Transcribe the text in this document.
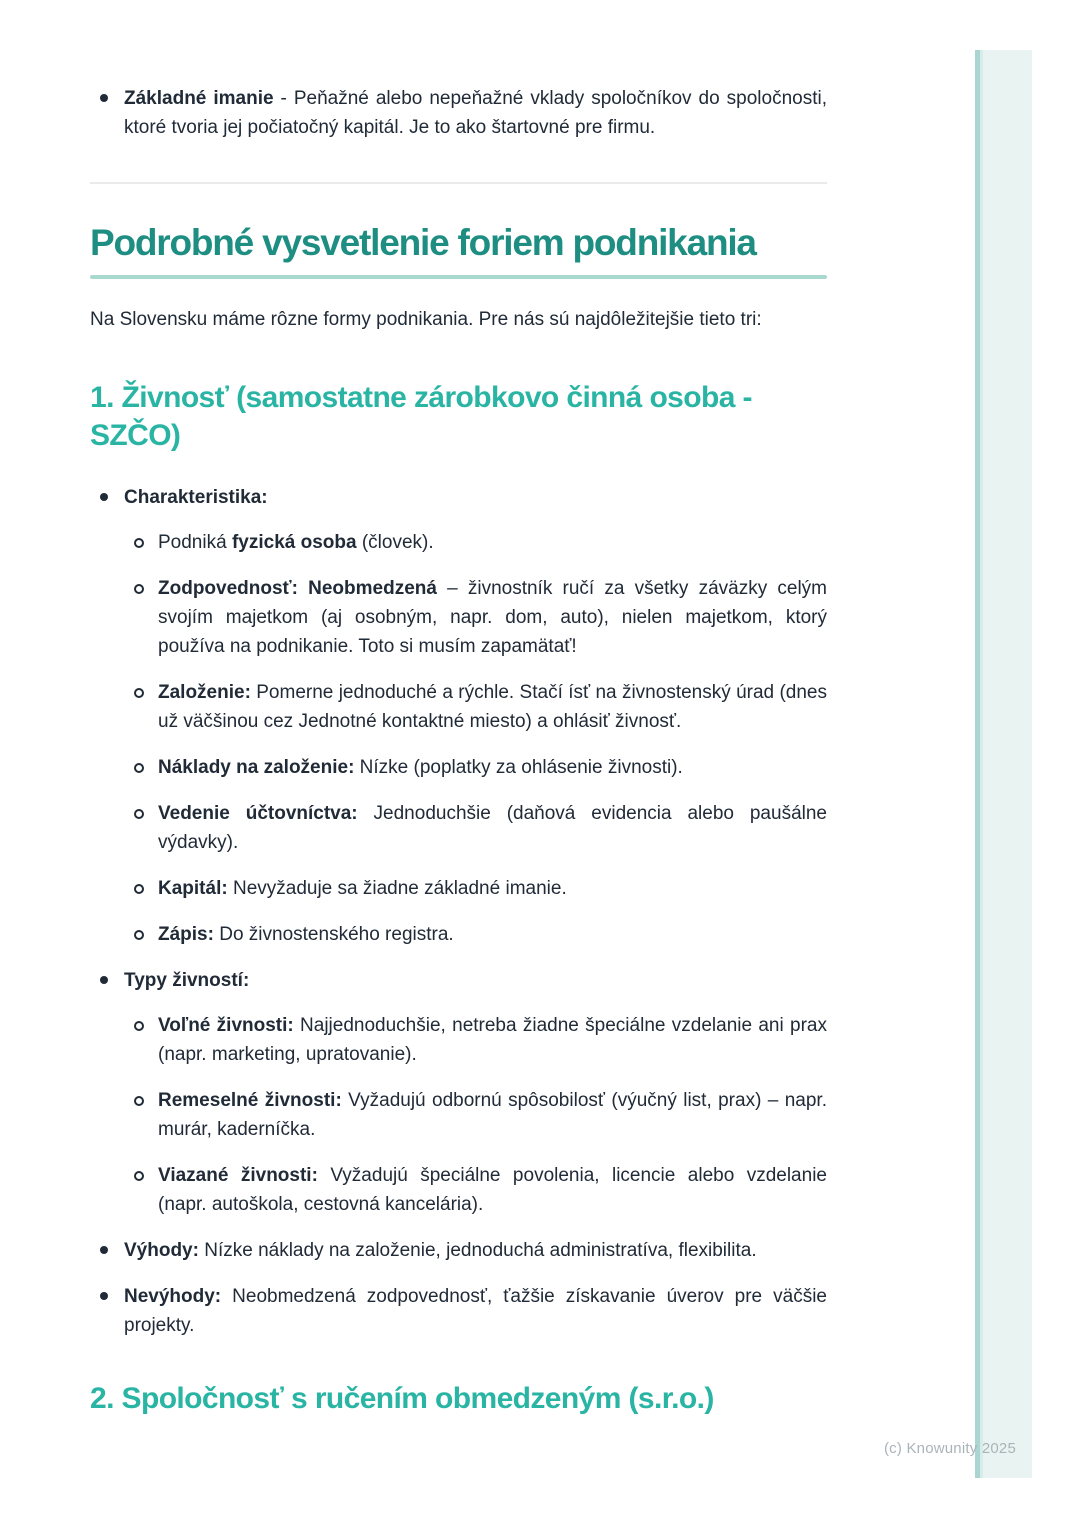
(c) Knowunity 2025
Základné imanie - Peňažné alebo nepeňažné vklady spoločníkov do spoločnosti, ktoré tvoria jej počiatočný kapitál. Je to ako štartovné pre firmu.
Podrobné vysvetlenie foriem podnikania

Na Slovensku máme rôzne formy podnikania. Pre nás sú najdôležitejšie tieto tri:

1. Živnosť (samostatne zárobkovo činná osoba - SZČO)
Charakteristika:
Podniká fyzická osoba (človek).
Zodpovednosť: Neobmedzená – živnostník ručí za všetky záväzky celým svojím majetkom (aj osobným, napr. dom, auto), nielen majetkom, ktorý používa na podnikanie. Toto si musím zapamätať!
Založenie: Pomerne jednoduché a rýchle. Stačí ísť na živnostenský úrad (dnes už väčšinou cez Jednotné kontaktné miesto) a ohlásiť živnosť.
Náklady na založenie: Nízke (poplatky za ohlásenie živnosti).
Vedenie účtovníctva: Jednoduchšie (daňová evidencia alebo paušálne výdavky).
Kapitál: Nevyžaduje sa žiadne základné imanie.
Zápis: Do živnostenského registra.
Typy živností:
Voľné živnosti: Najjednoduchšie, netreba žiadne špeciálne vzdelanie ani prax (napr. marketing, upratovanie).
Remeselné živnosti: Vyžadujú odbornú spôsobilosť (výučný list, prax) – napr. murár, kaderníčka.
Viazané živnosti: Vyžadujú špeciálne povolenia, licencie alebo vzdelanie (napr. autoškola, cestovná kancelária).
Výhody: Nízke náklady na založenie, jednoduchá administratíva, flexibilita.
Nevýhody: Neobmedzená zodpovednosť, ťažšie získavanie úverov pre väčšie projekty.
2. Spoločnosť s ručením obmedzeným (s.r.o.)
